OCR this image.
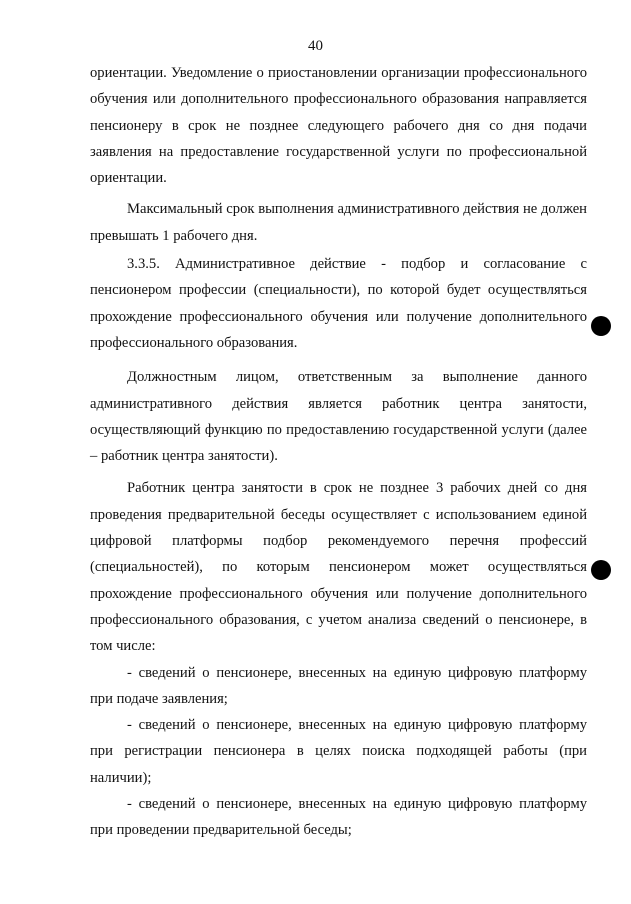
40

ориентации. Уведомление о приостановлении организации профессионального обучения или дополнительного профессионального образования направляется пенсионеру в срок не позднее следующего рабочего дня со дня подачи заявления на предоставление государственной услуги по профессиональной ориентации.

Максимальный срок выполнения административного действия не должен превышать 1 рабочего дня.

3.3.5. Административное действие - подбор и согласование с пенсионером профессии (специальности), по которой будет осуществляться прохождение профессионального обучения или получение дополнительного профессионального образования.

Должностным лицом, ответственным за выполнение данного административного действия является работник центра занятости, осуществляющий функцию по предоставлению государственной услуги (далее – работник центра занятости).

Работник центра занятости в срок не позднее 3 рабочих дней со дня проведения предварительной беседы осуществляет с использованием единой цифровой платформы подбор рекомендуемого перечня профессий (специальностей), по которым пенсионером может осуществляться прохождение профессионального обучения или получение дополнительного профессионального образования, с учетом анализа сведений о пенсионере, в том числе:

- сведений о пенсионере, внесенных на единую цифровую платформу при подаче заявления;

- сведений о пенсионере, внесенных на единую цифровую платформу при регистрации пенсионера в целях поиска подходящей работы (при наличии);

- сведений о пенсионере, внесенных на единую цифровую платформу при проведении предварительной беседы;
